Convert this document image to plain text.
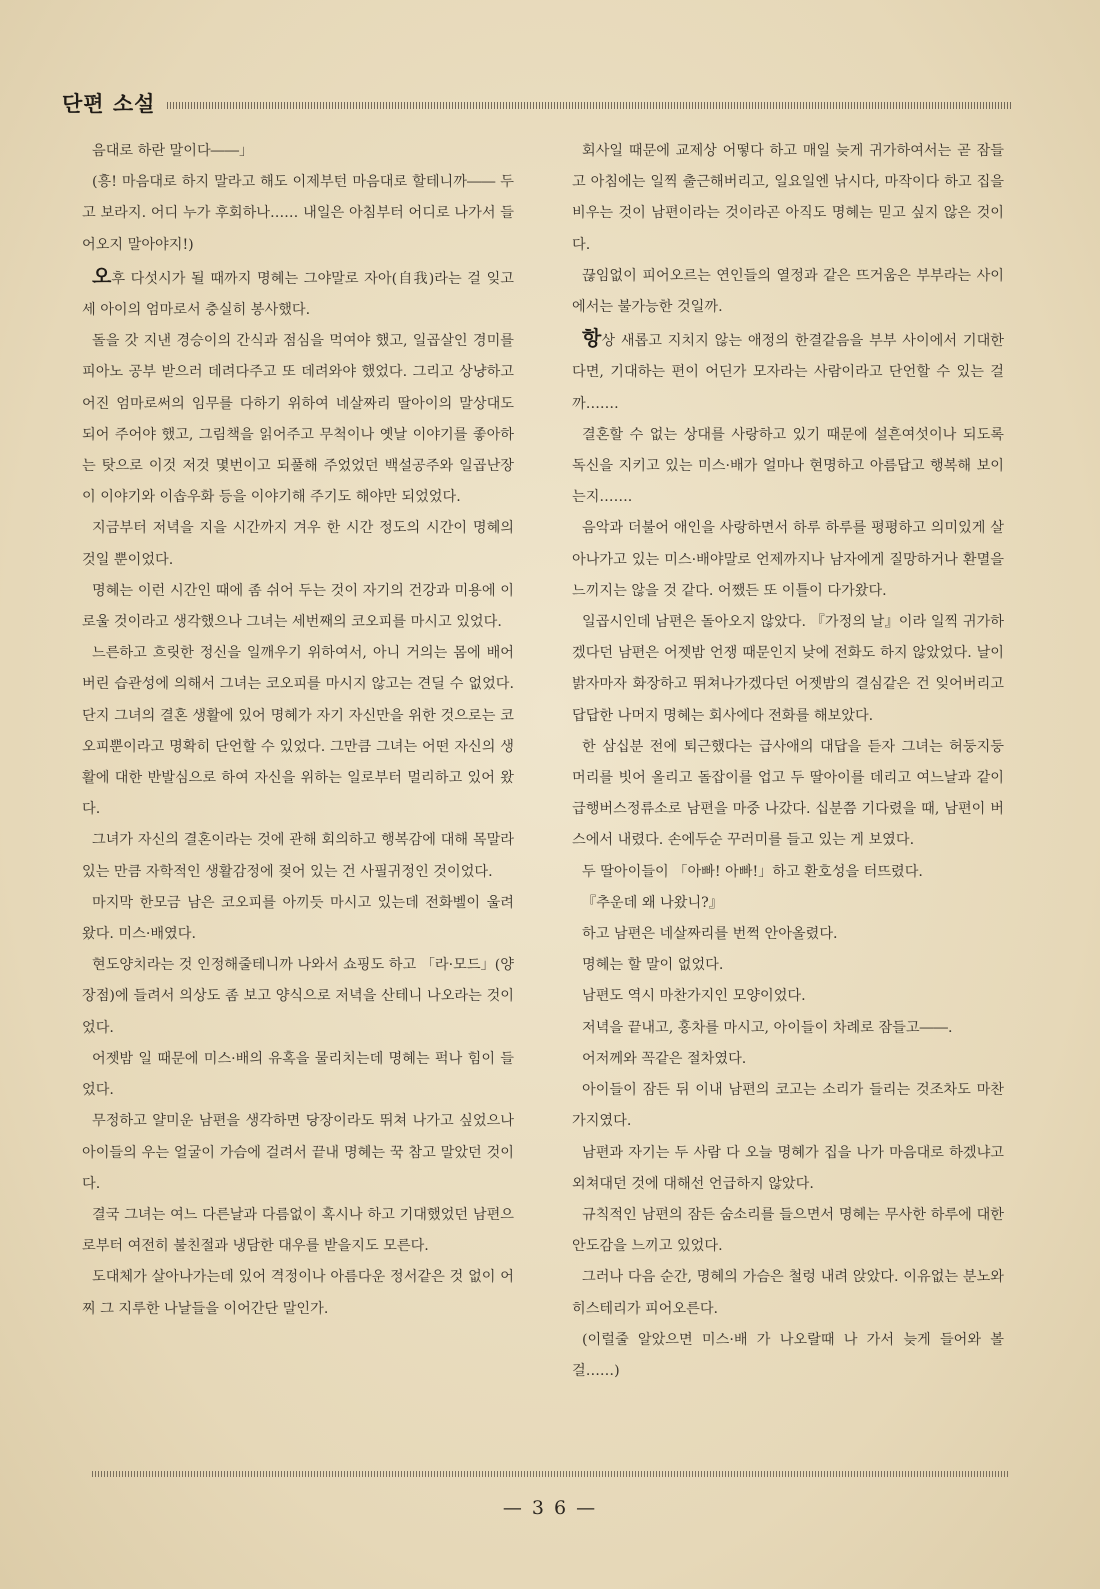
단편 소설

음대로 하란 말이다――」

(흥! 마음대로 하지 말라고 해도 이제부턴 마음대로 할테니까―― 두고 보라지. 어디 누가 후회하나…… 내일은 아침부터 어디로 나가서 들어오지 말아야지!)

오후 다섯시가 될 때까지 명혜는 그야말로 자아(自我)라는 걸 잊고 세 아이의 엄마로서 충실히 봉사했다.

돌을 갓 지낸 경승이의 간식과 점심을 먹여야 했고, 일곱살인 경미를 피아노 공부 받으러 데려다주고 또 데려와야 했었다. 그리고 상냥하고 어진 엄마로써의 임무를 다하기 위하여 네살짜리 딸아이의 말상대도 되어 주어야 했고, 그림책을 읽어주고 무척이나 옛날 이야기를 좋아하는 탓으로 이것 저것 몇번이고 되풀해 주었었던 백설공주와 일곱난장이 이야기와 이솝우화 등을 이야기해 주기도 해야만 되었었다.

지금부터 저녁을 지을 시간까지 겨우 한 시간 정도의 시간이 명혜의 것일 뿐이었다.

명혜는 이런 시간인 때에 좀 쉬어 두는 것이 자기의 건강과 미용에 이로울 것이라고 생각했으나 그녀는 세번째의 코오피를 마시고 있었다.

느른하고 흐릿한 정신을 일깨우기 위하여서, 아니 거의는 몸에 배어버린 습관성에 의해서 그녀는 코오피를 마시지 않고는 견딜 수 없었다. 단지 그녀의 결혼 생활에 있어 명혜가 자기 자신만을 위한 것으로는 코오피뿐이라고 명확히 단언할 수 있었다. 그만큼 그녀는 어떤 자신의 생활에 대한 반발심으로 하여 자신을 위하는 일로부터 멀리하고 있어 왔다.

그녀가 자신의 결혼이라는 것에 관해 회의하고 행복감에 대해 목말라 있는 만큼 자학적인 생활감정에 젖어 있는 건 사필귀정인 것이었다.

마지막 한모금 남은 코오피를 아끼듯 마시고 있는데 전화벨이 울려 왔다. 미스·배였다.

현도양치라는 것 인정해줄테니까 나와서 쇼핑도 하고 「라·모드」(양장점)에 들려서 의상도 좀 보고 양식으로 저녁을 산테니 나오라는 것이었다.

어젯밤 일 때문에 미스·배의 유혹을 물리치는데 명혜는 퍽나 힘이 들었다.

무정하고 얄미운 남편을 생각하면 당장이라도 뛰쳐 나가고 싶었으나 아이들의 우는 얼굴이 가슴에 걸려서 끝내 명혜는 꾹 참고 말았던 것이다.

결국 그녀는 여느 다른날과 다름없이 혹시나 하고 기대했었던 남편으로부터 여전히 불친절과 냉담한 대우를 받을지도 모른다.

도대체가 살아나가는데 있어 격정이나 아름다운 정서같은 것 없이 어찌 그 지루한 나날들을 이어간단 말인가.

회사일 때문에 교제상 어떻다 하고 매일 늦게 귀가하여서는 곧 잠들고 아침에는 일찍 출근해버리고, 일요일엔 낚시다, 마작이다 하고 집을 비우는 것이 남편이라는 것이라곤 아직도 명혜는 믿고 싶지 않은 것이다.

끊임없이 피어오르는 연인들의 열정과 같은 뜨거움은 부부라는 사이에서는 불가능한 것일까.

항상 새롭고 지치지 않는 애정의 한결같음을 부부 사이에서 기대한다면, 기대하는 편이 어딘가 모자라는 사람이라고 단언할 수 있는 걸까…….

결혼할 수 없는 상대를 사랑하고 있기 때문에 설흔여섯이나 되도록 독신을 지키고 있는 미스·배가 얼마나 현명하고 아름답고 행복해 보이는지…….

음악과 더불어 애인을 사랑하면서 하루 하루를 평평하고 의미있게 살아나가고 있는 미스·배야말로 언제까지나 남자에게 질망하거나 환멸을 느끼지는 않을 것 같다. 어쨌든 또 이틀이 다가왔다.

일곱시인데 남편은 돌아오지 않았다. 『가정의 날』이라 일찍 귀가하겠다던 남편은 어젯밤 언쟁 때문인지 낮에 전화도 하지 않았었다. 날이 밝자마자 화장하고 뛰쳐나가겠다던 어젯밤의 결심같은 건 잊어버리고 답답한 나머지 명혜는 회사에다 전화를 해보았다.

한 삼십분 전에 퇴근했다는 급사애의 대답을 듣자 그녀는 허둥지둥 머리를 빗어 올리고 돌잡이를 업고 두 딸아이를 데리고 여느날과 같이 급행버스정류소로 남편을 마중 나갔다. 십분쯤 기다렸을 때, 남편이 버스에서 내렸다. 손에두순 꾸러미를 들고 있는 게 보였다.

두 딸아이들이 「아빠! 아빠!」하고 환호성을 터뜨렸다.

『추운데 왜 나왔니?』

하고 남편은 네살짜리를 번쩍 안아올렸다.

명혜는 할 말이 없었다.

남편도 역시 마찬가지인 모양이었다.

저녁을 끝내고, 홍차를 마시고, 아이들이 차례로 잠들고――.

어저께와 꼭같은 절차였다.

아이들이 잠든 뒤 이내 남편의 코고는 소리가 들리는 것조차도 마찬가지였다.

남편과 자기는 두 사람 다 오늘 명혜가 집을 나가 마음대로 하겠냐고 외쳐대던 것에 대해선 언급하지 않았다.

규칙적인 남편의 잠든 숨소리를 들으면서 명혜는 무사한 하루에 대한 안도감을 느끼고 있었다.

그러나 다음 순간, 명혜의 가슴은 철렁 내려 앉았다. 이유없는 분노와 히스테리가 피어오른다.

(이럴줄 알았으면 미스·배 가 나오랄때 나 가서 늦게 들어와 볼걸……)

— 3 6 —
